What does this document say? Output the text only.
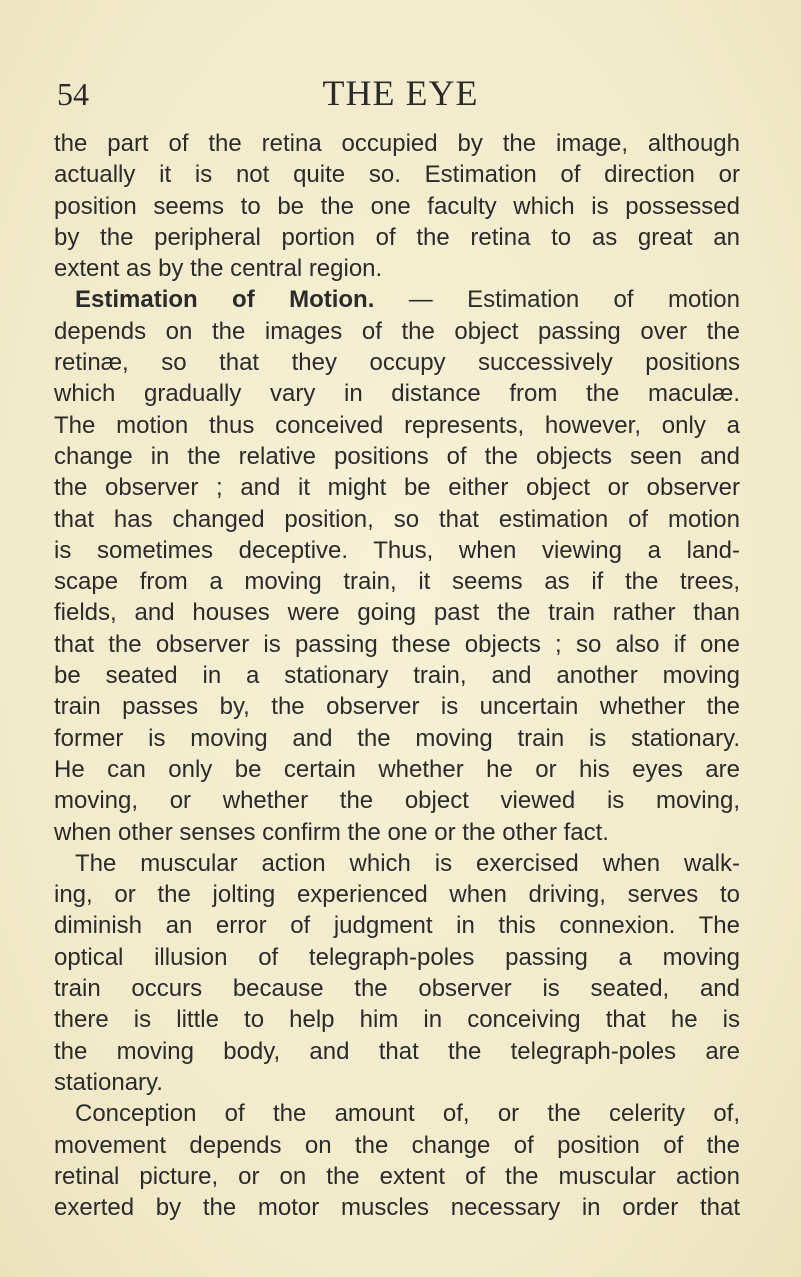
54	THE EYE
the part of the retina occupied by the image, although
actually it is not quite so. Estimation of direction or
position seems to be the one faculty which is possessed
by the peripheral portion of the retina to as great an
extent as by the central region.
Estimation of Motion. — Estimation of motion
depends on the images of the object passing over the
retinæ, so that they occupy successively positions
which gradually vary in distance from the maculæ.
The motion thus conceived represents, however, only a
change in the relative positions of the objects seen and
the observer ; and it might be either object or observer
that has changed position, so that estimation of motion
is sometimes deceptive. Thus, when viewing a land-
scape from a moving train, it seems as if the trees,
fields, and houses were going past the train rather than
that the observer is passing these objects ; so also if one
be seated in a stationary train, and another moving
train passes by, the observer is uncertain whether the
former is moving and the moving train is stationary.
He can only be certain whether he or his eyes are
moving, or whether the object viewed is moving,
when other senses confirm the one or the other fact.
The muscular action which is exercised when walk-
ing, or the jolting experienced when driving, serves to
diminish an error of judgment in this connexion. The
optical illusion of telegraph-poles passing a moving
train occurs because the observer is seated, and
there is little to help him in conceiving that he is
the moving body, and that the telegraph-poles are
stationary.
Conception of the amount of, or the celerity of,
movement depends on the change of position of the
retinal picture, or on the extent of the muscular action
exerted by the motor muscles necessary in order that
